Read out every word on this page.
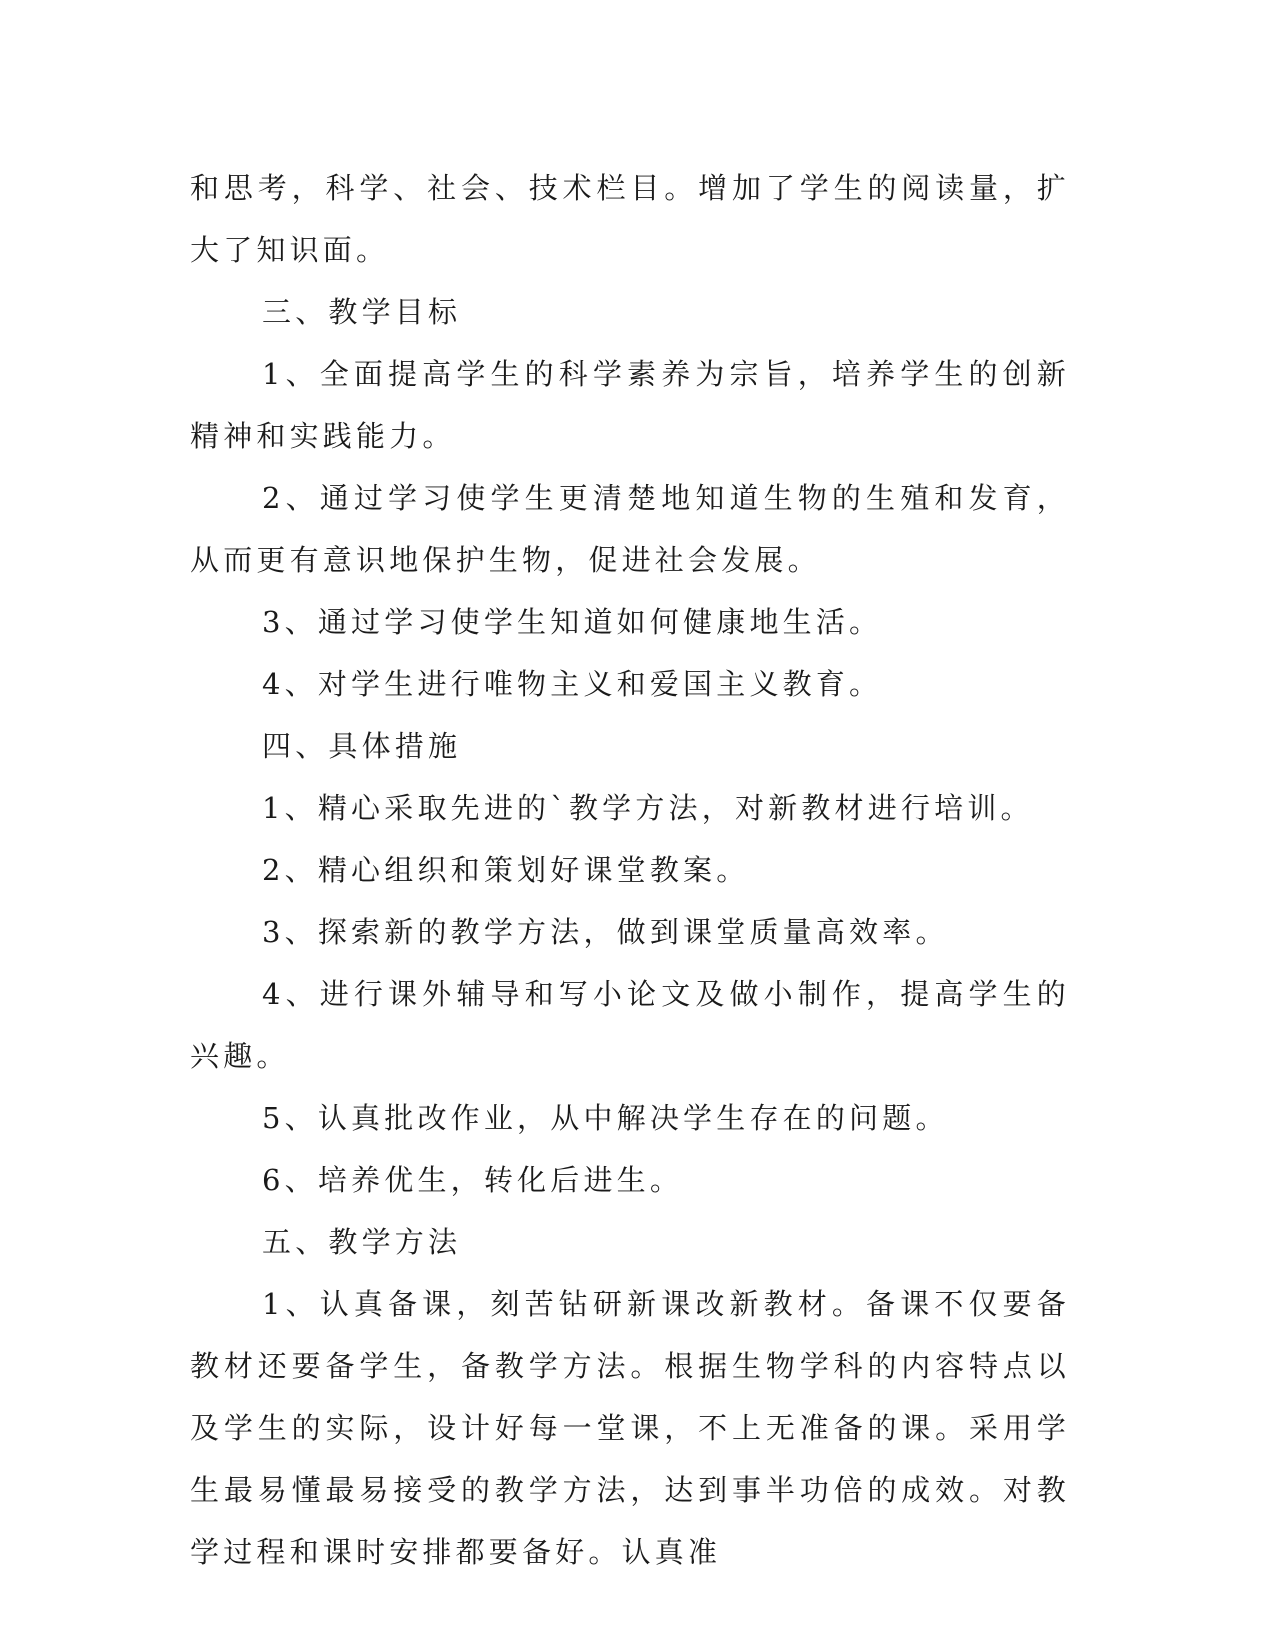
和思考，科学、社会、技术栏目。增加了学生的阅读量，扩大了知识面。

三、教学目标

1、全面提高学生的科学素养为宗旨，培养学生的创新精神和实践能力。

2、通过学习使学生更清楚地知道生物的生殖和发育，从而更有意识地保护生物，促进社会发展。

3、通过学习使学生知道如何健康地生活。

4、对学生进行唯物主义和爱国主义教育。

四、具体措施

1、精心采取先进的`教学方法，对新教材进行培训。

2、精心组织和策划好课堂教案。

3、探索新的教学方法，做到课堂质量高效率。

4、进行课外辅导和写小论文及做小制作，提高学生的兴趣。

5、认真批改作业，从中解决学生存在的问题。

6、培养优生，转化后进生。

五、教学方法

1、认真备课，刻苦钻研新课改新教材。备课不仅要备教材还要备学生，备教学方法。根据生物学科的内容特点以及学生的实际，设计好每一堂课，不上无准备的课。采用学生最易懂最易接受的教学方法，达到事半功倍的成效。对教学过程和课时安排都要备好。认真准
